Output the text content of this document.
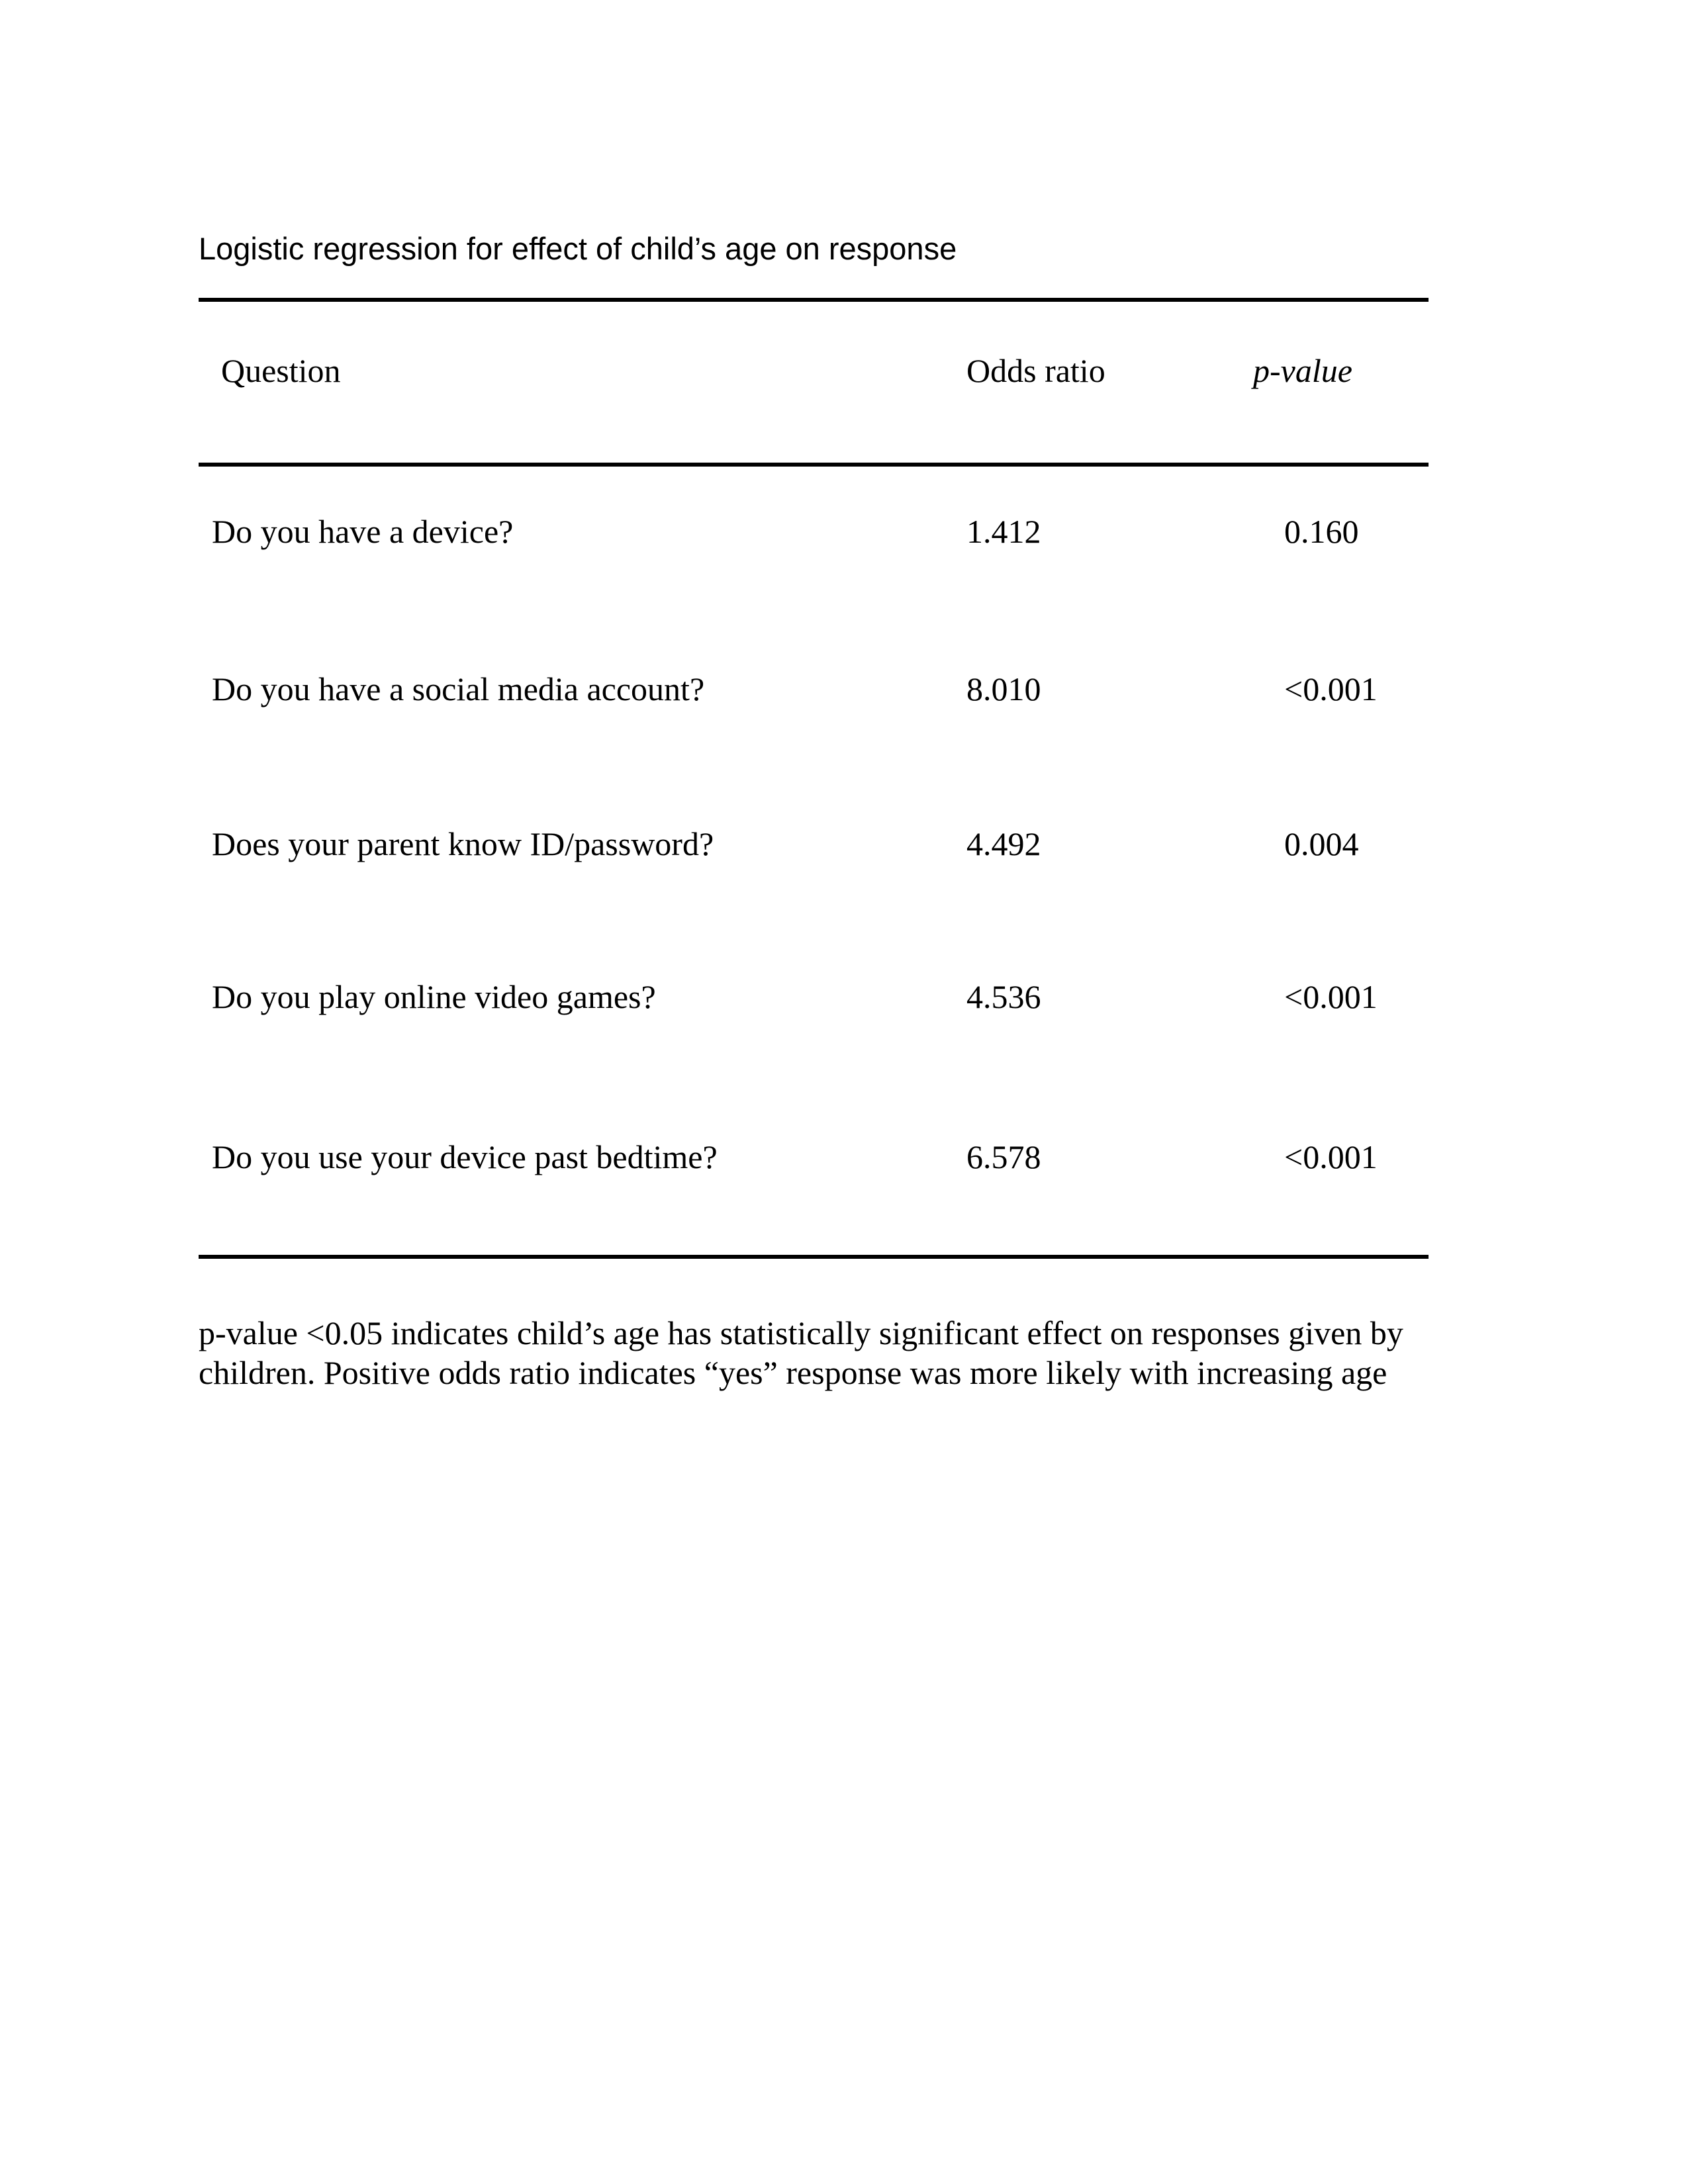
Logistic regression for effect of child’s age on response
Question	Odds ratio	p-value
Do you have a device?	1.412	0.160
Do you have a social media account?	8.010	<0.001
Does your parent know ID/password?	4.492	0.004
Do you play online video games?	4.536	<0.001
Do you use your device past bedtime?	6.578	<0.001
p-value <0.05 indicates child’s age has statistically significant effect on responses given by
children. Positive odds ratio indicates “yes” response was more likely with increasing age
